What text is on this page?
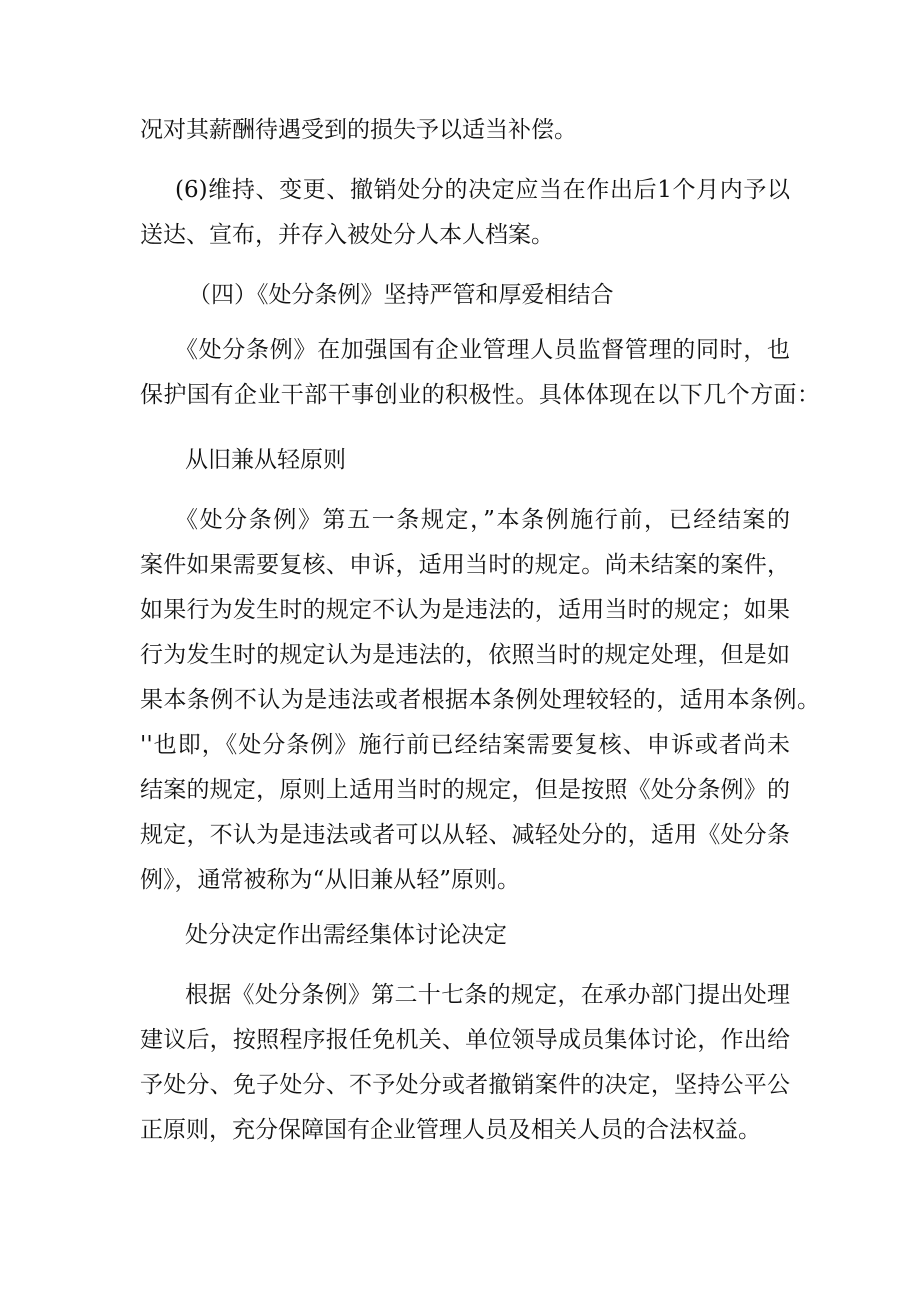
况对其薪酬待遇受到的损失予以适当补偿。
(6)维持、变更、撤销处分的决定应当在作出后1个月内予以
送达、宣布，并存入被处分人本人档案。
（四）《处分条例》坚持严管和厚爱相结合
《处分条例》在加强国有企业管理人员监督管理的同时，也
保护国有企业干部干事创业的积极性。具体体现在以下几个方面：
从旧兼从轻原则
《处分条例》第五一条规定，”本条例施行前，已经结案的
案件如果需要复核、申诉，适用当时的规定。尚未结案的案件，
如果行为发生时的规定不认为是违法的，适用当时的规定；如果
行为发生时的规定认为是违法的，依照当时的规定处理，但是如
果本条例不认为是违法或者根据本条例处理较轻的，适用本条例。
''也即，《处分条例》施行前已经结案需要复核、申诉或者尚未
结案的规定，原则上适用当时的规定，但是按照《处分条例》的
规定，不认为是违法或者可以从轻、减轻处分的，适用《处分条
例》，通常被称为“从旧兼从轻”原则。
处分决定作出需经集体讨论决定
根据《处分条例》第二十七条的规定，在承办部门提出处理
建议后，按照程序报任免机关、单位领导成员集体讨论，作出给
予处分、免子处分、不予处分或者撤销案件的决定，坚持公平公
正原则，充分保障国有企业管理人员及相关人员的合法权益。
